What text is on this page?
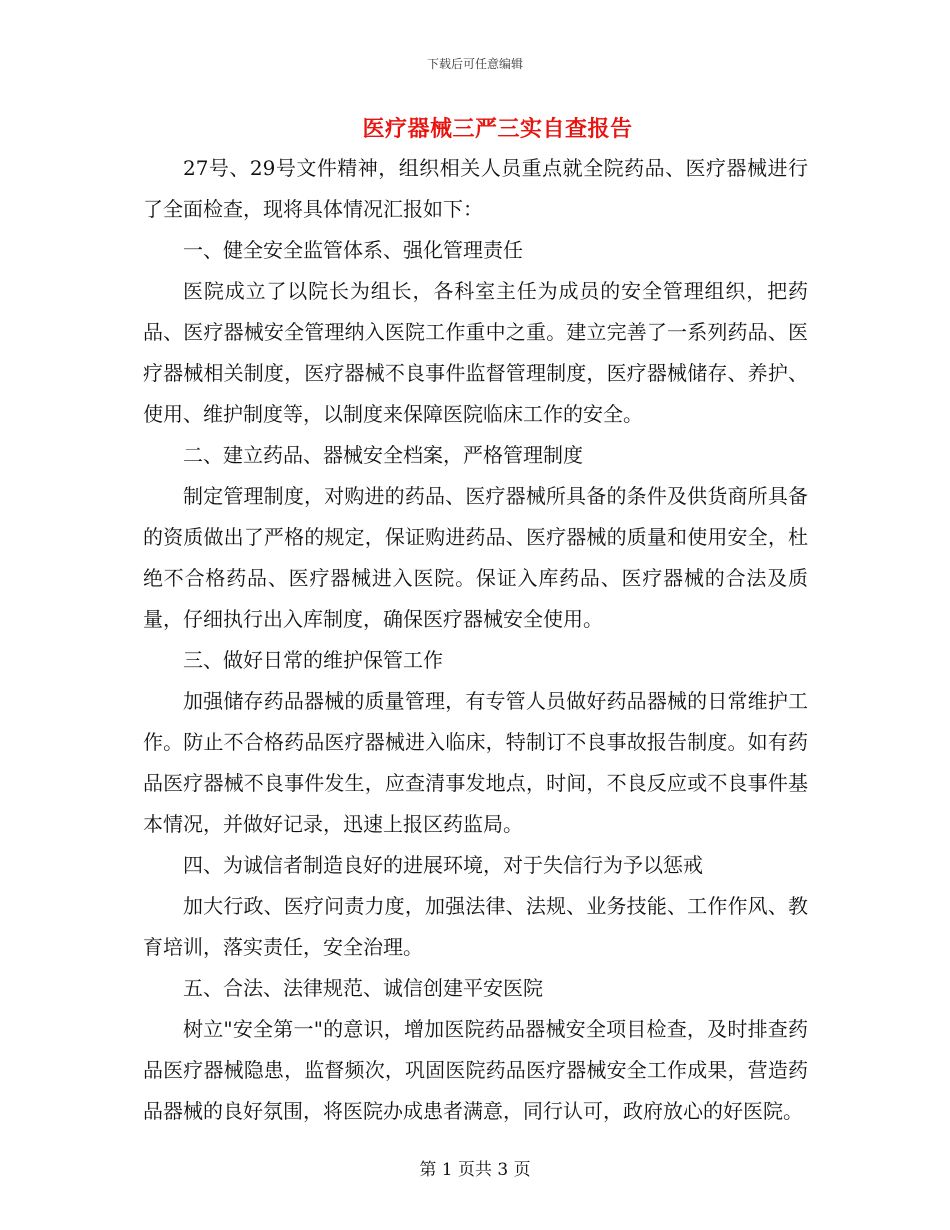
下载后可任意编辑
医疗器械三严三实自查报告

27号、29号文件精神，组织相关人员重点就全院药品、医疗器械进行了全面检查，现将具体情况汇报如下：

一、健全安全监管体系、强化管理责任

医院成立了以院长为组长，各科室主任为成员的安全管理组织，把药品、医疗器械安全管理纳入医院工作重中之重。建立完善了一系列药品、医疗器械相关制度，医疗器械不良事件监督管理制度，医疗器械储存、养护、使用、维护制度等，以制度来保障医院临床工作的安全。

二、建立药品、器械安全档案，严格管理制度

制定管理制度，对购进的药品、医疗器械所具备的条件及供货商所具备的资质做出了严格的规定，保证购进药品、医疗器械的质量和使用安全，杜绝不合格药品、医疗器械进入医院。保证入库药品、医疗器械的合法及质量，仔细执行出入库制度，确保医疗器械安全使用。

三、做好日常的维护保管工作

加强储存药品器械的质量管理，有专管人员做好药品器械的日常维护工作。防止不合格药品医疗器械进入临床，特制订不良事故报告制度。如有药品医疗器械不良事件发生，应查清事发地点，时间，不良反应或不良事件基本情况，并做好记录，迅速上报区药监局。

四、为诚信者制造良好的进展环境，对于失信行为予以惩戒

加大行政、医疗问责力度，加强法律、法规、业务技能、工作作风、教育培训，落实责任，安全治理。

五、合法、法律规范、诚信创建平安医院

树立"安全第一"的意识，增加医院药品器械安全项目检查，及时排查药品医疗器械隐患，监督频次，巩固医院药品医疗器械安全工作成果，营造药品器械的良好氛围，将医院办成患者满意，同行认可，政府放心的好医院。

第 1 页共 3 页
